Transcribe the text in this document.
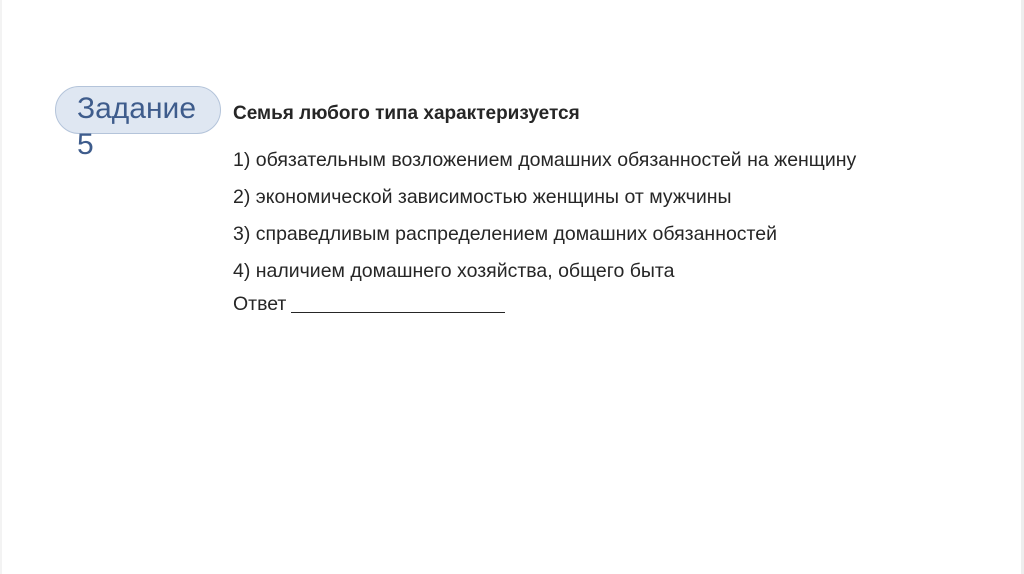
Задание
5
Семья любого типа характеризуется
1) обязательным возложением домашних обязанностей на женщину
2) экономической зависимостью женщины от мужчины
3) справедливым распределением домашних обязанностей
4) наличием домашнего хозяйства, общего быта
Ответ
